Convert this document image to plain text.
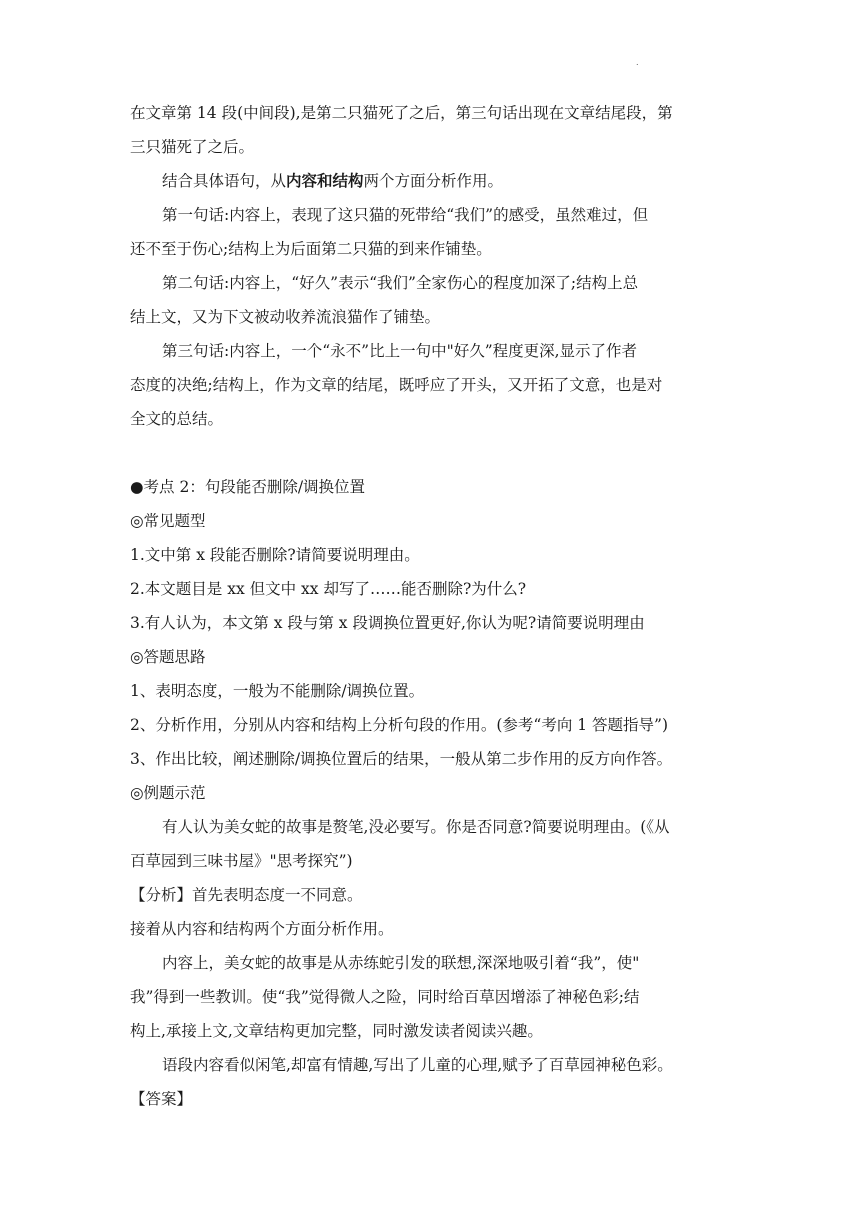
.

在文章第 14 段(中间段),是第二只猫死了之后，第三句话出现在文章结尾段，第

三只猫死了之后。

结合具体语句，从内容和结构两个方面分析作用。

第一句话:内容上，表现了这只猫的死带给“我们”的感受，虽然难过，但

还不至于伤心;结构上为后面第二只猫的到来作铺垫。

第二句话:内容上，“好久”表示“我们”全家伤心的程度加深了;结构上总

结上文，又为下文被动收养流浪猫作了铺垫。

第三句话:内容上，一个“永不”比上一句中"好久”程度更深,显示了作者

态度的决绝;结构上，作为文章的结尾，既呼应了开头，又开拓了文意，也是对

全文的总结。

●考点 2：句段能否删除/调换位置

◎常见题型

1.文中第 x 段能否删除?请简要说明理由。

2.本文题目是 xx 但文中 xx 却写了……能否删除?为什么?

3.有人认为，本文第 x 段与第 x 段调换位置更好,你认为呢?请简要说明理由

◎答题思路

1、表明态度，一般为不能删除/调换位置。

2、分析作用，分别从内容和结构上分析句段的作用。(参考“考向 1 答题指导”)

3、作出比较，阐述删除/调换位置后的结果，一般从第二步作用的反方向作答。

◎例题示范

有人认为美女蛇的故事是赘笔,没必要写。你是否同意?简要说明理由。(《从

百草园到三味书屋》"思考探究”)

【分析】首先表明态度一不同意。

接着从内容和结构两个方面分析作用。

内容上，美女蛇的故事是从赤练蛇引发的联想,深深地吸引着“我”，使"

我”得到一些教训。使“我”觉得微人之险，同时给百草因增添了神秘色彩;结

构上,承接上文,文章结构更加完整，同时激发读者阅读兴趣。

语段内容看似闲笔,却富有情趣,写出了儿童的心理,赋予了百草园神秘色彩。

【答案】
